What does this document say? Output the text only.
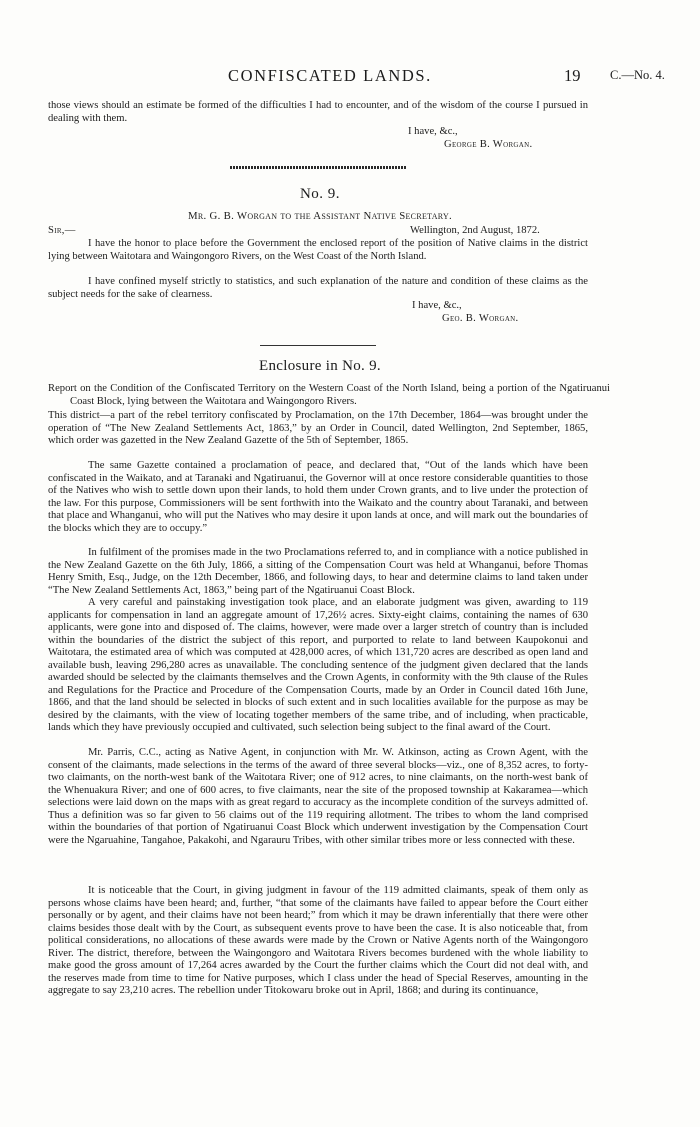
CONFISCATED LANDS.	19 C.—No. 4.

those views should an estimate be formed of the difficulties I had to encounter, and of the wisdom of the course I pursued in dealing with them.

I have, &c.,
George B. Worgan.
No. 9.
Mr. G. B. Worgan to the Assistant Native Secretary.
Sir,—	Wellington, 2nd August, 1872.

I have the honor to place before the Government the enclosed report of the position of Native claims in the district lying between Waitotara and Waingongoro Rivers, on the West Coast of the North Island.

I have confined myself strictly to statistics, and such explanation of the nature and condition of these claims as the subject needs for the sake of clearness.

I have, &c.,
Geo. B. Worgan.
Enclosure in No. 9.

Report on the Condition of the Confiscated Territory on the Western Coast of the North Island, being a portion of the Ngatiruanui Coast Block, lying between the Waitotara and Waingongoro Rivers.

This district—a part of the rebel territory confiscated by Proclamation, on the 17th December, 1864—was brought under the operation of “The New Zealand Settlements Act, 1863,” by an Order in Council, dated Wellington, 2nd September, 1865, which order was gazetted in the New Zealand Gazette of the 5th of September, 1865.

The same Gazette contained a proclamation of peace, and declared that, “Out of the lands which have been confiscated in the Waikato, and at Taranaki and Ngatiruanui, the Governor will at once restore considerable quantities to those of the Natives who wish to settle down upon their lands, to hold them under Crown grants, and to live under the protection of the law. For this purpose, Commissioners will be sent forthwith into the Waikato and the country about Taranaki, and between that place and Whanganui, who will put the Natives who may desire it upon lands at once, and will mark out the boundaries of the blocks which they are to occupy.”

In fulfilment of the promises made in the two Proclamations referred to, and in compliance with a notice published in the New Zealand Gazette on the 6th July, 1866, a sitting of the Compensation Court was held at Whanganui, before Thomas Henry Smith, Esq., Judge, on the 12th December, 1866, and following days, to hear and determine claims to land taken under “The New Zealand Settlements Act, 1863,” being part of the Ngatiruanui Coast Block.

A very careful and painstaking investigation took place, and an elaborate judgment was given, awarding to 119 applicants for compensation in land an aggregate amount of 17,26½ acres. Sixty-eight claims, containing the names of 630 applicants, were gone into and disposed of. The claims, however, were made over a larger stretch of country than is included within the boundaries of the district the subject of this report, and purported to relate to land between Kaupokonui and Waitotara, the estimated area of which was computed at 428,000 acres, of which 131,720 acres are described as open land and available bush, leaving 296,280 acres as unavailable. The concluding sentence of the judgment given declared that the lands awarded should be selected by the claimants themselves and the Crown Agents, in conformity with the 9th clause of the Rules and Regulations for the Practice and Procedure of the Compensation Courts, made by an Order in Council dated 16th June, 1866, and that the land should be selected in blocks of such extent and in such localities available for the purpose as may be desired by the claimants, with the view of locating together members of the same tribe, and of including, when practicable, lands which they have previously occupied and cultivated, such selection being subject to the final award of the Court.

Mr. Parris, C.C., acting as Native Agent, in conjunction with Mr. W. Atkinson, acting as Crown Agent, with the consent of the claimants, made selections in the terms of the award of three several blocks—viz., one of 8,352 acres, to forty-two claimants, on the north-west bank of the Waitotara River; one of 912 acres, to nine claimants, on the north-west bank of the Whenuakura River; and one of 600 acres, to five claimants, near the site of the proposed township at Kakaramea—which selections were laid down on the maps with as great regard to accuracy as the incomplete condition of the surveys admitted of. Thus a definition was so far given to 56 claims out of the 119 requiring allotment. The tribes to whom the land comprised within the boundaries of that portion of Ngatiruanui Coast Block which underwent investigation by the Compensation Court were the Ngaruahine, Tangahoe, Pakakohi, and Ngarauru Tribes, with other similar tribes more or less connected with these.

It is noticeable that the Court, in giving judgment in favour of the 119 admitted claimants, speak of them only as persons whose claims have been heard; and, further, “that some of the claimants have failed to appear before the Court either personally or by agent, and their claims have not been heard;” from which it may be drawn inferentially that there were other claims besides those dealt with by the Court, as subsequent events prove to have been the case. It is also noticeable that, from political considerations, no allocations of these awards were made by the Crown or Native Agents north of the Waingongoro River. The district, therefore, between the Waingongoro and Waitotara Rivers becomes burdened with the whole liability to make good the gross amount of 17,264 acres awarded by the Court the further claims which the Court did not deal with, and the reserves made from time to time for Native purposes, which I class under the head of Special Reserves, amounting in the aggregate to say 23,210 acres. The rebellion under Titokowaru broke out in April, 1868; and during its continuance,
